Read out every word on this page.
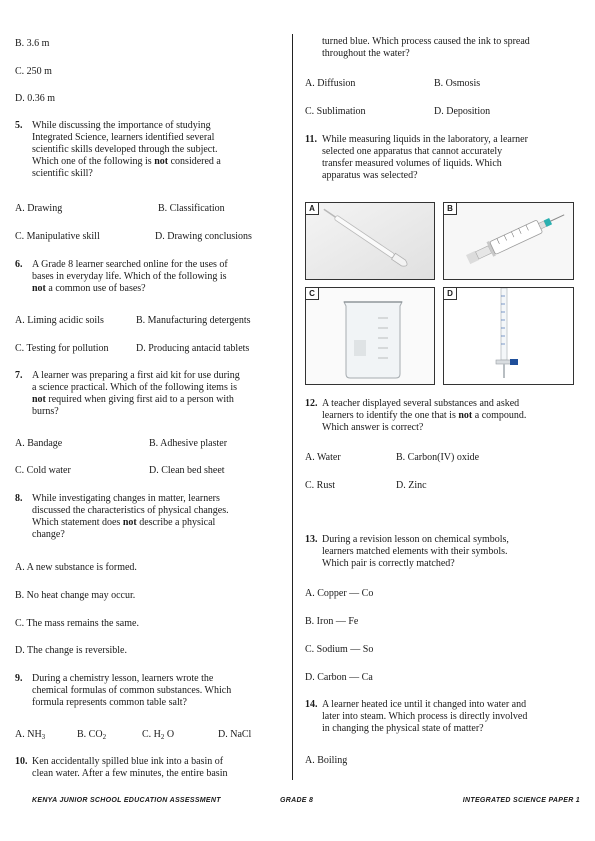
B. 3.6 m
C. 250 m
D. 0.36 m
5. While discussing the importance of studying
Integrated Science, learners identified several
scientific skills developed through the subject.
Which one of the following is not considered a
scientific skill?
A. Drawing	B. Classification
C. Manipulative skill	D. Drawing conclusions
6. A Grade 8 learner searched online for the uses of
bases in everyday life. Which of the following is
not a common use of bases?
A. Liming acidic soils	B. Manufacturing detergents
C. Testing for pollution	D. Producing antacid tablets
7. A learner was preparing a first aid kit for use during
a science practical. Which of the following items is
not required when giving first aid to a person with
burns?
A. Bandage	B. Adhesive plaster
C. Cold water	D. Clean bed sheet
8. While investigating changes in matter, learners
discussed the characteristics of physical changes.
Which statement does not describe a physical
change?
A. A new substance is formed.
B. No heat change may occur.
C. The mass remains the same.
D. The change is reversible.
9. During a chemistry lesson, learners wrote the
chemical formulas of common substances. Which
formula represents common table salt?
A. $NH_3$	B. $CO_2$	C. $H_2$ O	D. NaCl
10. Ken accidentally spilled blue ink into a basin of
clean water. After a few minutes, the entire basin
turned blue. Which process caused the ink to spread
throughout the water?
A. Diffusion	B. Osmosis
C. Sublimation	D. Deposition
11. While measuring liquids in the laboratory, a learner
selected one apparatus that cannot accurately
transfer measured volumes of liquids. Which
apparatus was selected?
A	B
C	D
12. A teacher displayed several substances and asked
learners to identify the one that is not a compound.
Which answer is correct?
A. Water	B. Carbon(IV) oxide
C. Rust	D. Zinc
13. During a revision lesson on chemical symbols,
learners matched elements with their symbols.
Which pair is correctly matched?
A. Copper — Co
B. Iron — Fe
C. Sodium — So
D. Carbon — Ca
14. A learner heated ice until it changed into water and
later into steam. Which process is directly involved
in changing the physical state of matter?
A. Boiling
KENYA JUNIOR SCHOOL EDUCATION ASSESSMENT	GRADE 8	INTEGRATED SCIENCE PAPER 1
